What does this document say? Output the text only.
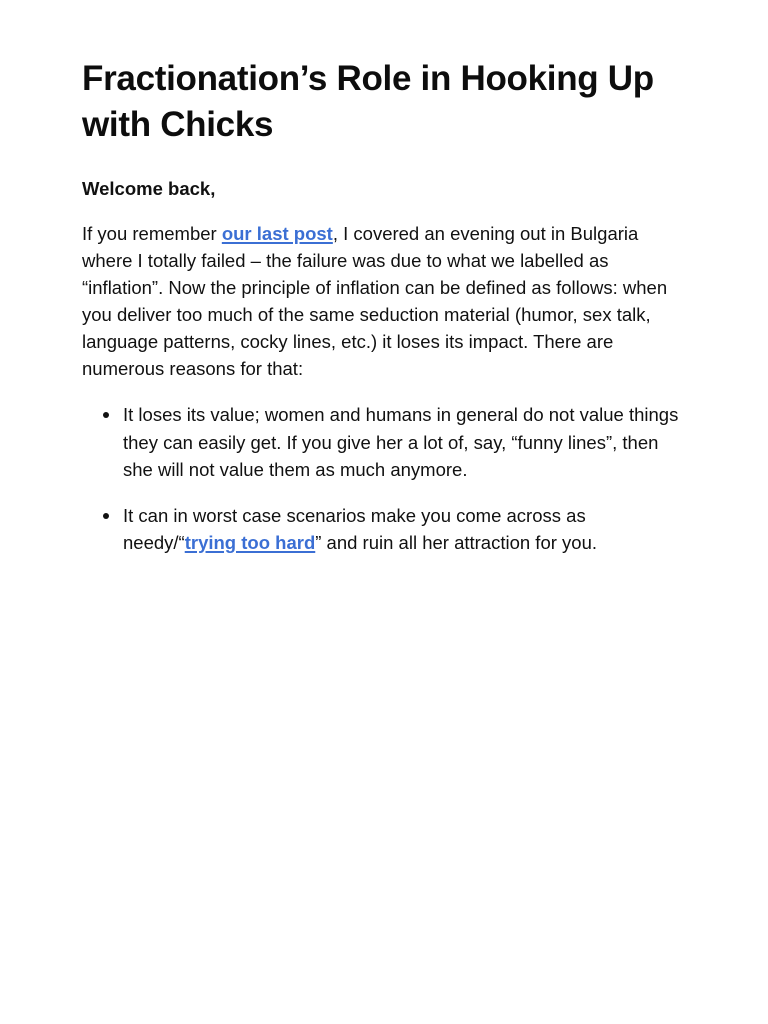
Fractionation’s Role in Hooking Up with Chicks
Welcome back,

If you remember our last post, I covered an evening out in Bulgaria where I totally failed – the failure was due to what we labelled as “inflation”. Now the principle of inflation can be defined as follows: when you deliver too much of the same seduction material (humor, sex talk, language patterns, cocky lines, etc.) it loses its impact. There are numerous reasons for that:

It loses its value; women and humans in general do not value things they can easily get. If you give her a lot of, say, “funny lines”, then she will not value them as much anymore.
It can in worst case scenarios make you come across as needy/“trying too hard” and ruin all her attraction for you.
